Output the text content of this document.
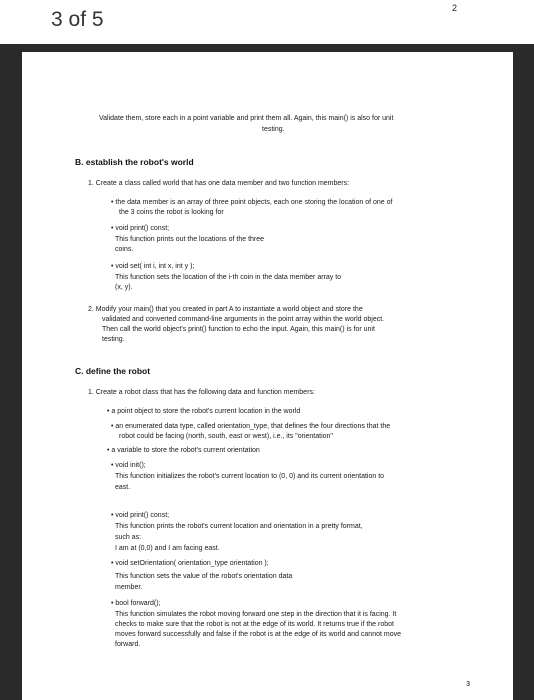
3 of 5	2
Validate them, store each in a point variable and print them all. Again, this main() is also for unit
testing.
B. establish the robot's world
1. Create a class called world that has one data member and two function members:
• the data member is an array of three point objects, each one storing the location of one of
the 3 coins the robot is looking for
• void print() const;
This function prints out the locations of the three
coins.
• void set( int i, int x, int y );
This function sets the location of the i-th coin in the data member array to
(x, y).
2. Modify your main() that you created in part A to instantiate a world object and store the
validated and converted command-line arguments in the point array within the world object.
Then call the world object's print() function to echo the input. Again, this main() is for unit
testing.
C. define the robot
1. Create a robot class that has the following data and function members:
• a point object to store the robot's current location in the world
• an enumerated data type, called orientation_type, that defines the four directions that the
robot could be facing (north, south, east or west), i.e., its "orientation"
• a variable to store the robot's current orientation
• void init();
This function initializes the robot's current location to (0, 0) and its current orientation to
east.
• void print() const;
This function prints the robot's current location and orientation in a pretty format,
such as:
I am at (0,0) and I am facing east.
• void setOrientation( orientation_type orientation );
This function sets the value of the robot's orientation data
member.
• bool forward();
This function simulates the robot moving forward one step in the direction that it is facing. It
checks to make sure that the robot is not at the edge of its world. It returns true if the robot
moves forward successfully and false if the robot is at the edge of its world and cannot move
forward.
3
